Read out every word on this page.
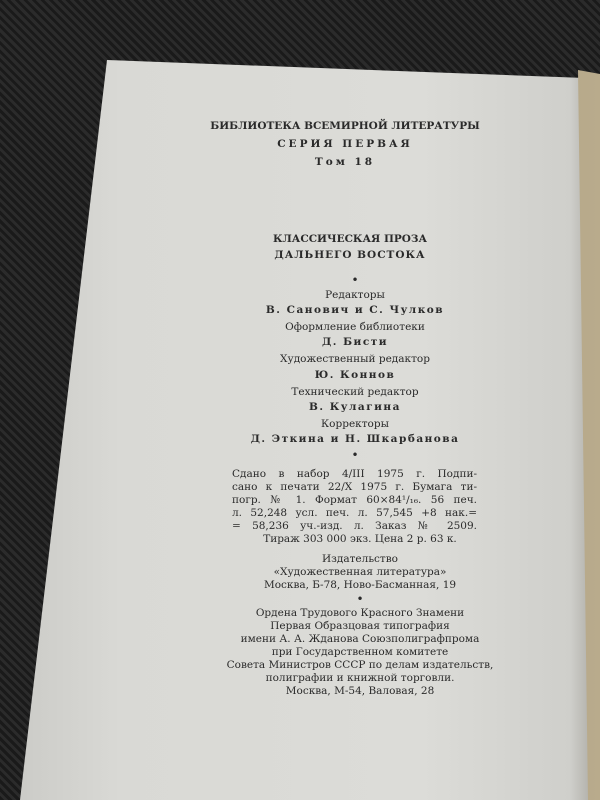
БИБЛИОТЕКА ВСЕМИРНОЙ ЛИТЕРАТУРЫ
СЕРИЯ ПЕРВАЯ
Том 18
КЛАССИЧЕСКАЯ ПРОЗА
ДАЛЬНЕГО ВОСТОКА
•
Редакторы
В. Санович и С. Чулков
Оформление библиотеки
Д. Бисти
Художественный редактор
Ю. Коннов
Технический редактор
В. Кулагина
Корректоры
Д. Эткина и Н. Шкарбанова
•
Сдано в набор 4/III 1975 г. Подпи-
сано к печати 22/X 1975 г. Бумага ти-
погр. № 1. Формат 60×84¹/₁₆. 56 печ.
л. 52,248 усл. печ. л. 57,545 +8 нак.=
= 58,236 уч.-изд. л. Заказ № 2509.
Тираж 303 000 экз. Цена 2 р. 63 к.
Издательство
«Художественная литература»
Москва, Б-78, Ново-Басманная, 19
•
Ордена Трудового Красного Знамени
Первая Образцовая типография
имени А. А. Жданова Союзполиграфпрома
при Государственном комитете
Совета Министров СССР по делам издательств,
полиграфии и книжной торговли.
Москва, М-54, Валовая, 28
